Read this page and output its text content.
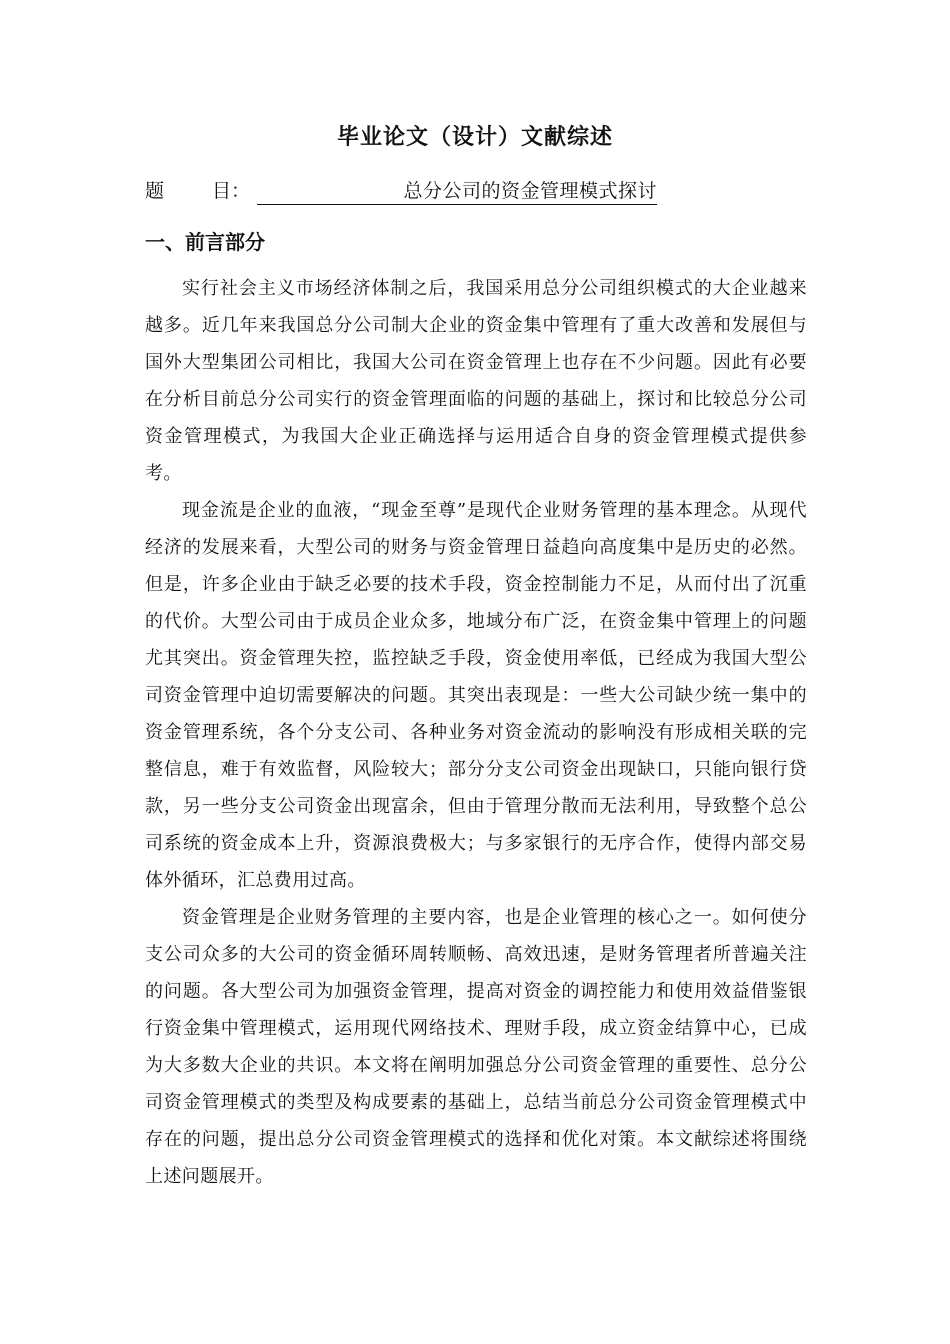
毕业论文（设计）文献综述
题	目：	总分公司的资金管理模式探讨
一、前言部分

实行社会主义市场经济体制之后，我国采用总分公司组织模式的大企业越来越多。近几年来我国总分公司制大企业的资金集中管理有了重大改善和发展但与国外大型集团公司相比，我国大公司在资金管理上也存在不少问题。因此有必要在分析目前总分公司实行的资金管理面临的问题的基础上，探讨和比较总分公司资金管理模式，为我国大企业正确选择与运用适合自身的资金管理模式提供参考。

现金流是企业的血液，“现金至尊”是现代企业财务管理的基本理念。从现代经济的发展来看，大型公司的财务与资金管理日益趋向高度集中是历史的必然。但是，许多企业由于缺乏必要的技术手段，资金控制能力不足，从而付出了沉重的代价。大型公司由于成员企业众多，地域分布广泛，在资金集中管理上的问题尤其突出。资金管理失控，监控缺乏手段，资金使用率低，已经成为我国大型公司资金管理中迫切需要解决的问题。其突出表现是：一些大公司缺少统一集中的资金管理系统，各个分支公司、各种业务对资金流动的影响没有形成相关联的完整信息，难于有效监督，风险较大；部分分支公司资金出现缺口，只能向银行贷款，另一些分支公司资金出现富余，但由于管理分散而无法利用，导致整个总公司系统的资金成本上升，资源浪费极大；与多家银行的无序合作，使得内部交易体外循环，汇总费用过高。

资金管理是企业财务管理的主要内容，也是企业管理的核心之一。如何使分支公司众多的大公司的资金循环周转顺畅、高效迅速，是财务管理者所普遍关注的问题。各大型公司为加强资金管理，提高对资金的调控能力和使用效益借鉴银行资金集中管理模式，运用现代网络技术、理财手段，成立资金结算中心，已成为大多数大企业的共识。本文将在阐明加强总分公司资金管理的重要性、总分公司资金管理模式的类型及构成要素的基础上，总结当前总分公司资金管理模式中存在的问题，提出总分公司资金管理模式的选择和优化对策。本文献综述将围绕上述问题展开。
